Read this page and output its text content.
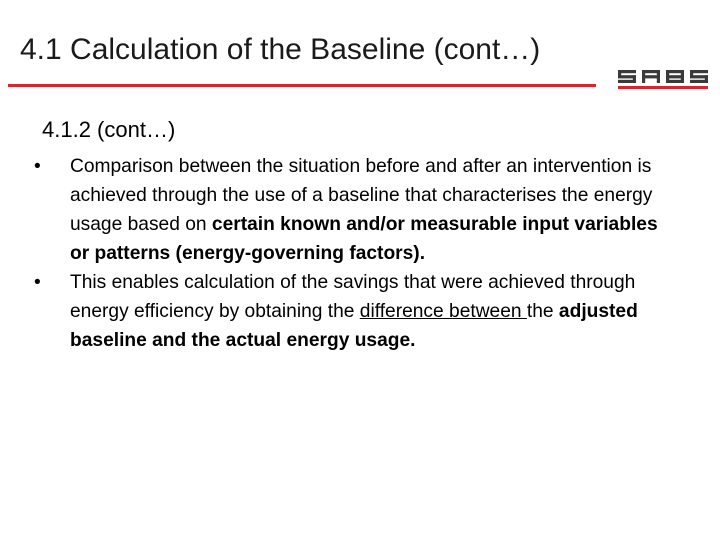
4.1 Calculation of the Baseline (cont…)
4.1.2 (cont…)
• Comparison between the situation before and after an intervention is achieved through the use of a baseline that characterises the energy usage based on certain known and/or measurable input variables or patterns (energy-governing factors).
• This enables calculation of the savings that were achieved through energy efficiency by obtaining the difference between the adjusted baseline and the actual energy usage.
